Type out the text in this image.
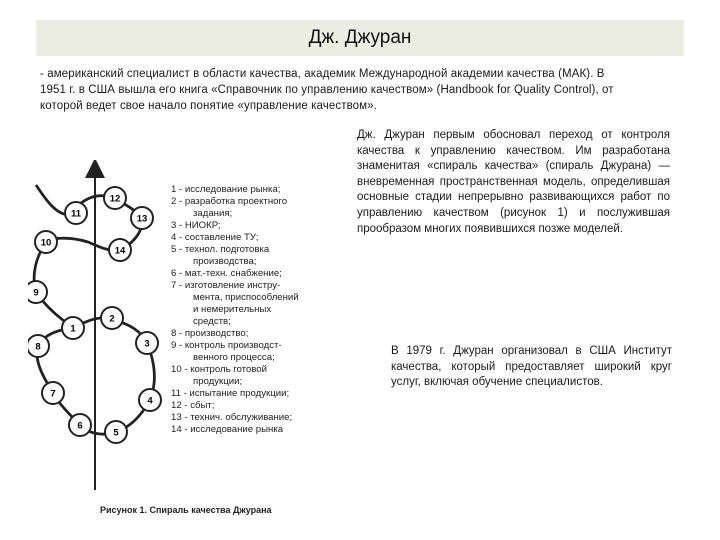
Дж. Джуран
- американский специалист в области качества, академик Международной академии качества (МАК). В
1951 г. в США вышла его книга «Справочник по управлению качеством» (Handbook for Quality Control), от
которой ведет свое начало понятие «управление качеством».
Дж. Джуран первым обосновал переход от контроля качества к управлению качеством. Им разработана знаменитая «спираль качества» (спираль Джурана) — вневременная пространственная модель, определившая основные стадии непрерывно развивающихся работ по управлению качеством (рисунок 1) и послужившая прообразом многих появившихся позже моделей.
В 1979 г. Джуран организовал в США Институт качества, который предоставляет широкий круг услуг, включая обучение специалистов.
1
2
3
4
5
6
7
8
9
10
11
12
13
14
1 - исследование рынка;
2 - разработка проектного
задания;
3 - НИОКР;
4 - составление ТУ;
5 - технол. подготовка
производства;
6 - мат.-техн. снабжение;
7 - изготовление инстру-
мента, приспособлений
и немерительных
средств;
8 - производство;
9 - контроль производст-
венного процесса;
10 - контроль готовой
продукции;
11 - испытание продукции;
12 - сбыт;
13 - технич. обслуживание;
14 - исследование рынка
Рисунок 1. Спираль качества Джурана
